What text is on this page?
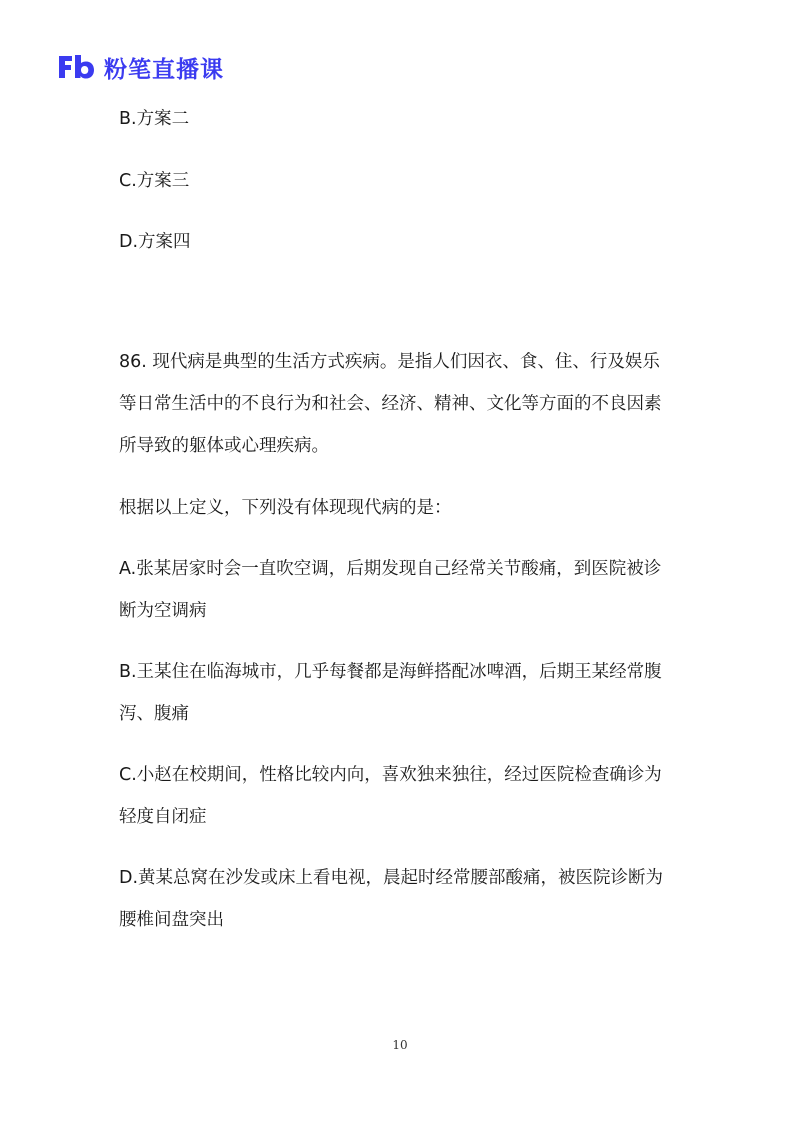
粉笔直播课
B.方案二
C.方案三
D.方案四
86. 现代病是典型的生活方式疾病。是指人们因衣、食、住、行及娱乐
等日常生活中的不良行为和社会、经济、精神、文化等方面的不良因素
所导致的躯体或心理疾病。
根据以上定义，下列没有体现现代病的是：
A.张某居家时会一直吹空调，后期发现自己经常关节酸痛，到医院被诊
断为空调病
B.王某住在临海城市，几乎每餐都是海鲜搭配冰啤酒，后期王某经常腹
泻、腹痛
C.小赵在校期间，性格比较内向，喜欢独来独往，经过医院检查确诊为
轻度自闭症
D.黄某总窝在沙发或床上看电视，晨起时经常腰部酸痛，被医院诊断为
腰椎间盘突出
10
